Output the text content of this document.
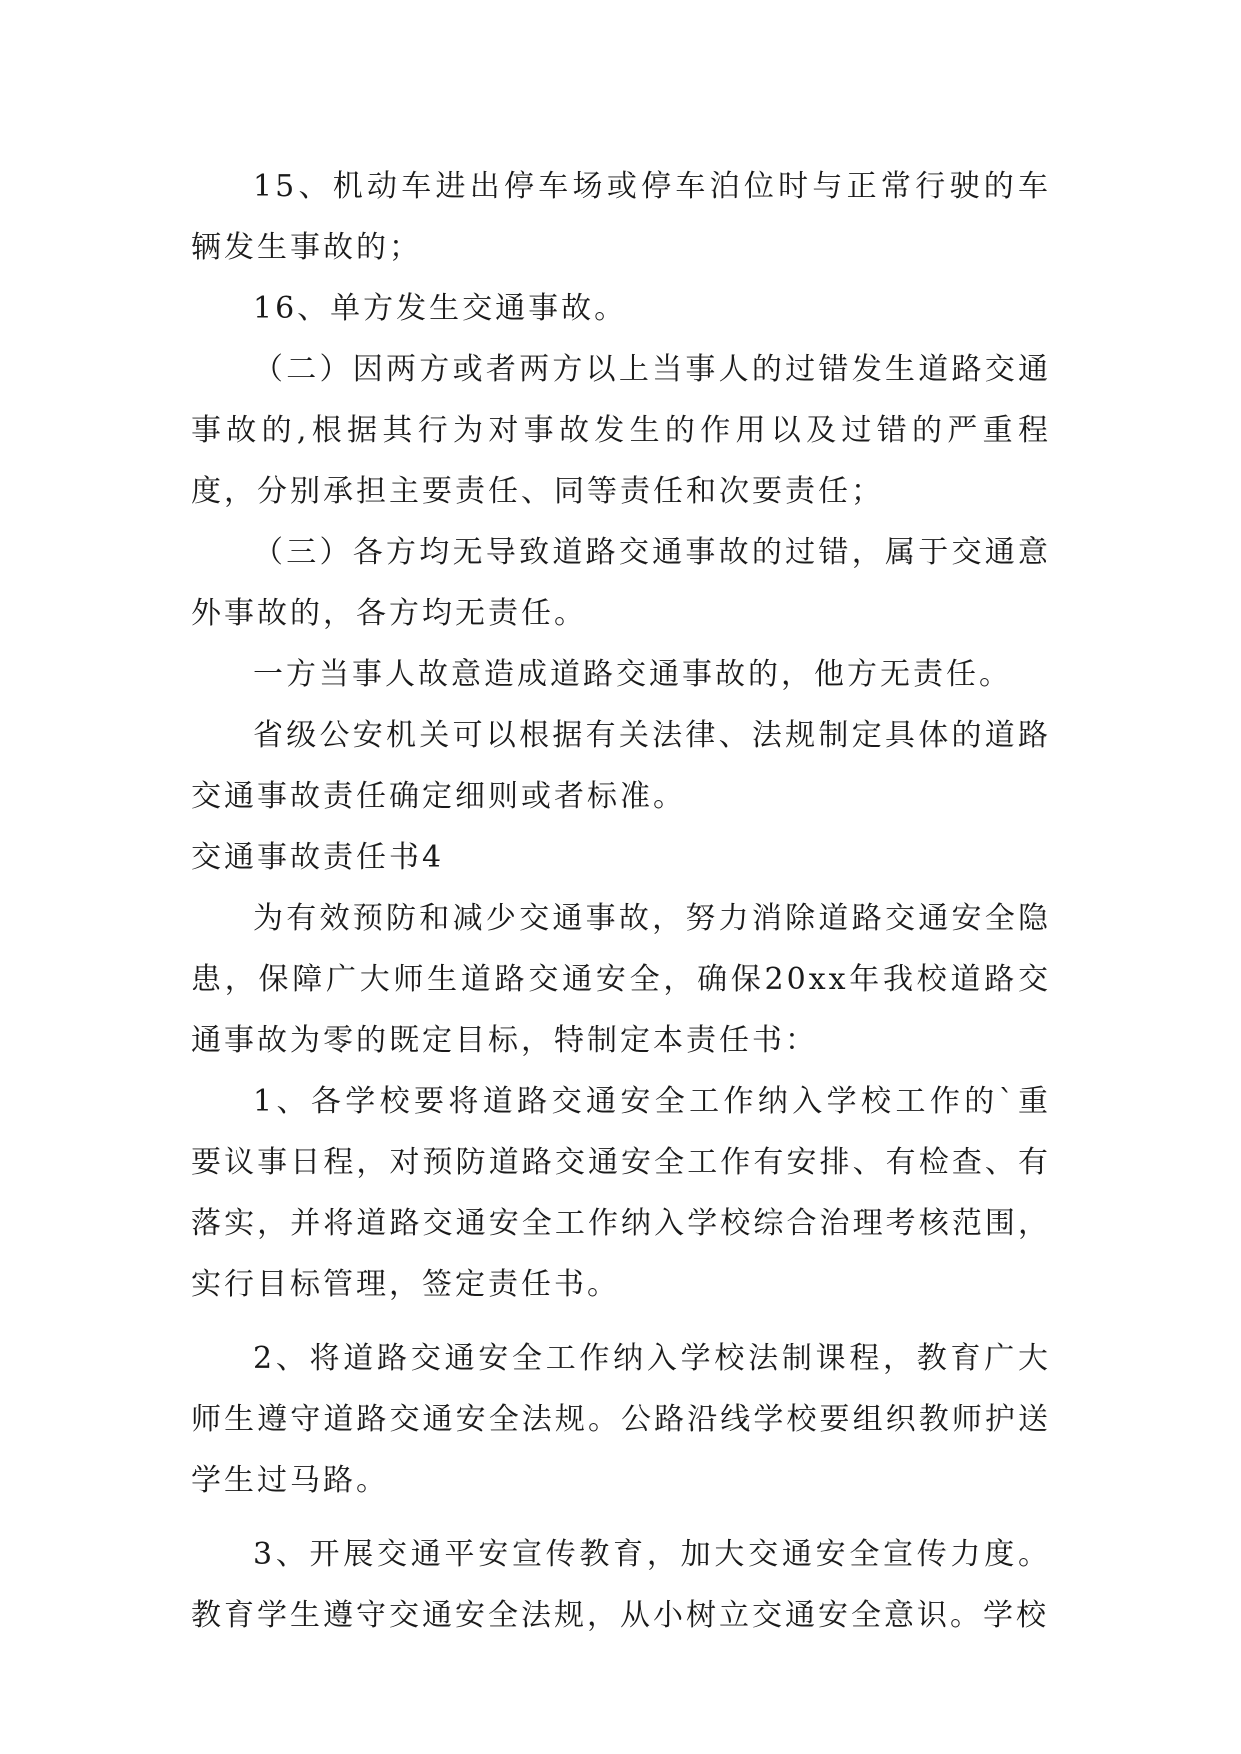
15、机动车进出停车场或停车泊位时与正常行驶的车辆发生事故的；

16、单方发生交通事故。

（二）因两方或者两方以上当事人的过错发生道路交通事故的,根据其行为对事故发生的作用以及过错的严重程度，分别承担主要责任、同等责任和次要责任；

（三）各方均无导致道路交通事故的过错，属于交通意外事故的，各方均无责任。

一方当事人故意造成道路交通事故的，他方无责任。

省级公安机关可以根据有关法律、法规制定具体的道路交通事故责任确定细则或者标准。

交通事故责任书4

为有效预防和减少交通事故，努力消除道路交通安全隐患，保障广大师生道路交通安全，确保20xx年我校道路交通事故为零的既定目标，特制定本责任书：

1、各学校要将道路交通安全工作纳入学校工作的`重要议事日程，对预防道路交通安全工作有安排、有检查、有落实，并将道路交通安全工作纳入学校综合治理考核范围，实行目标管理，签定责任书。

2、将道路交通安全工作纳入学校法制课程，教育广大师生遵守道路交通安全法规。公路沿线学校要组织教师护送学生过马路。

3、开展交通平安宣传教育，加大交通安全宣传力度。教育学生遵守交通安全法规，从小树立交通安全意识。学校
